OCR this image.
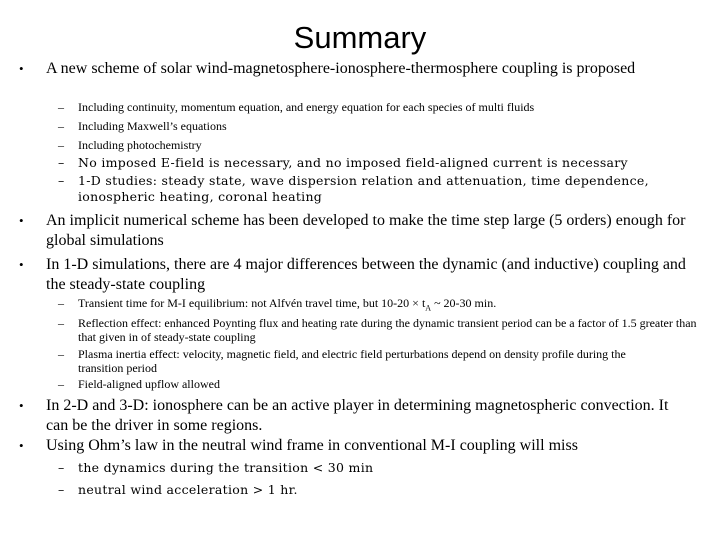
Summary
• A new scheme of solar wind-magnetosphere-ionosphere-thermosphere coupling is proposed
– Including continuity, momentum equation, and energy equation for each species of multi fluids
– Including Maxwell’s equations
– Including photochemistry
– No imposed E-field is necessary, and no imposed field-aligned current is necessary
– 1-D studies: steady state, wave dispersion relation and attenuation, time dependence, ionospheric heating, coronal heating
• An implicit numerical scheme has been developed to make the time step large (5 orders) enough for global simulations
• In 1-D simulations, there are 4 major differences between the dynamic (and inductive) coupling and the steady-state coupling
– Transient time for M-I equilibrium: not Alfvén travel time, but $10-20 \times t_A$ ~ 20-30 min.
– Reflection effect: enhanced Poynting flux and heating rate during the dynamic transient period can be a factor of 1.5 greater than that given in of steady-state coupling
– Plasma inertia effect: velocity, magnetic field, and electric field perturbations depend on density profile during the transition period
– Field-aligned upflow allowed
• In 2-D and 3-D: ionosphere can be an active player in determining magnetospheric convection. It can be the driver in some regions.
• Using Ohm’s law in the neutral wind frame in conventional M-I coupling will miss
– the dynamics during the transition < 30 min
– neutral wind acceleration > 1 hr.
